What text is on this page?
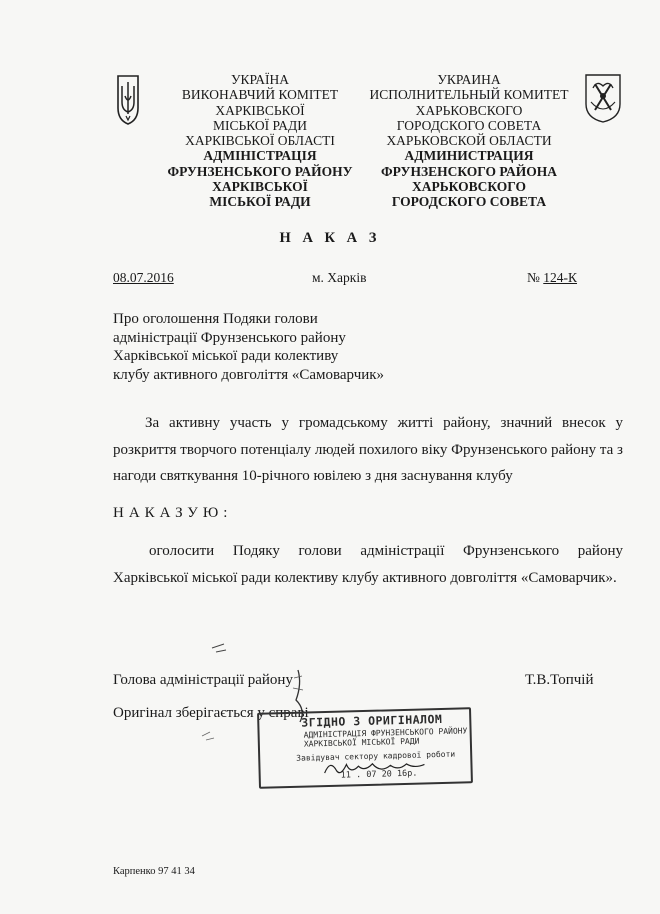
УКРАЇНА
ВИКОНАВЧИЙ КОМІТЕТ
ХАРКІВСЬКОЇ
МІСЬКОЇ РАДИ
ХАРКІВСЬКОЇ ОБЛАСТІ
АДМІНІСТРАЦІЯ
ФРУНЗЕНСЬКОГО РАЙОНУ
ХАРКІВСЬКОЇ
МІСЬКОЇ РАДИ
УКРАИНА
ИСПОЛНИТЕЛЬНЫЙ КОМИТЕТ
ХАРЬКОВСКОГО
ГОРОДСКОГО СОВЕТА
ХАРЬКОВСКОЙ ОБЛАСТИ
АДМИНИСТРАЦИЯ
ФРУНЗЕНСКОГО РАЙОНА
ХАРЬКОВСКОГО
ГОРОДСКОГО СОВЕТА
Н А К А З
08.07.2016	м. Харків	№ 124-К
Про оголошення Подяки голови
адміністрації Фрунзенського району
Харківської міської ради колективу
клубу активного довголіття «Самоварчик»
За активну участь у громадському житті району, значний внесок у розкриття творчого потенціалу людей похилого віку Фрунзенського району та з нагоди святкування 10-річного ювілею з дня заснування клубу
НАКАЗУЮ:
оголосити Подяку голови адміністрації Фрунзенського району Харківської міської ради колективу клубу активного довголіття «Самоварчик».
Голова адміністрації району	Т.В.Топчій
Оригінал зберігається у справі
ЗГІДНО З ОРИГІНАЛОМ
АДМІНІСТРАЦІЯ ФРУНЗЕНСЬКОГО РАЙОНУ
ХАРКІВСЬКОЇ МІСЬКОЇ РАДИ
Завідувач сектору кадрової роботи
11 . 07 20 16р.
Карпенко 97 41 34
